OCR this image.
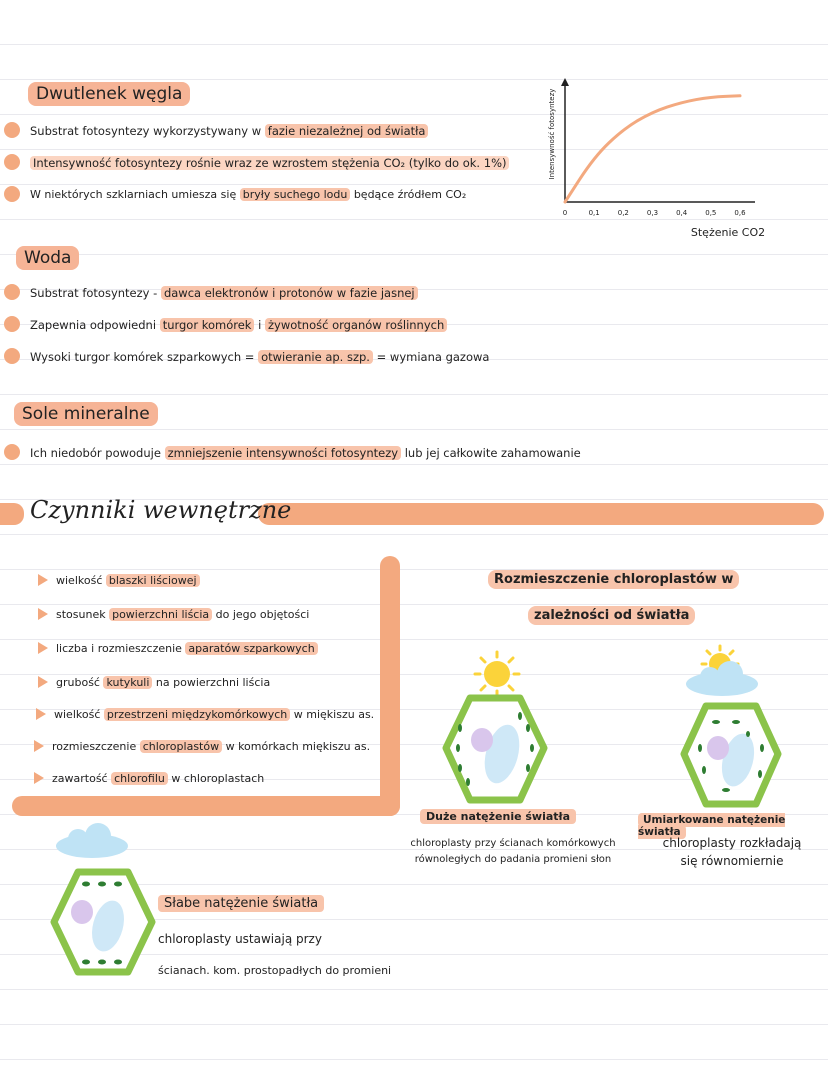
Dwutlenek węgla
Substrat fotosyntezy wykorzystywany w fazie niezależnej od światła
Intensywność fotosyntezy rośnie wraz ze wzrostem stężenia CO₂ (tylko do ok. 1%)
W niektórych szklarniach umiesza się bryły suchego lodu będące źródłem CO₂
Intensywność fotosyntezy
0	0,1	0,2	0,3	0,4	0,5	0,6
Stężenie CO2
Woda
Substrat fotosyntezy - dawca elektronów i protonów w fazie jasnej
Zapewnia odpowiedni turgor komórek i żywotność organów roślinnych
Wysoki turgor komórek szparkowych = otwieranie ap. szp. = wymiana gazowa
Sole mineralne
Ich niedobór powoduje zmniejszenie intensywności fotosyntezy lub jej całkowite zahamowanie
Czynniki wewnętrzne
wielkość blaszki liściowej
stosunek powierzchni liścia do jego objętości
liczba i rozmieszczenie aparatów szparkowych
grubość kutykuli na powierzchni liścia
wielkość przestrzeni międzykomórkowych w miękiszu as.
rozmieszczenie chloroplastów w komórkach miękiszu as.
zawartość chlorofilu w chloroplastach
Rozmieszczenie chloroplastów w
zależności od światła
Duże natężenie światła
chloroplasty przy ścianach komórkowych
równoległych do padania promieni słon
Umiarkowane natężenie światła
chloroplasty rozkładają
się równomiernie
Słabe natężenie światła
chloroplasty ustawiają przy
ścianach. kom. prostopadłych do promieni
